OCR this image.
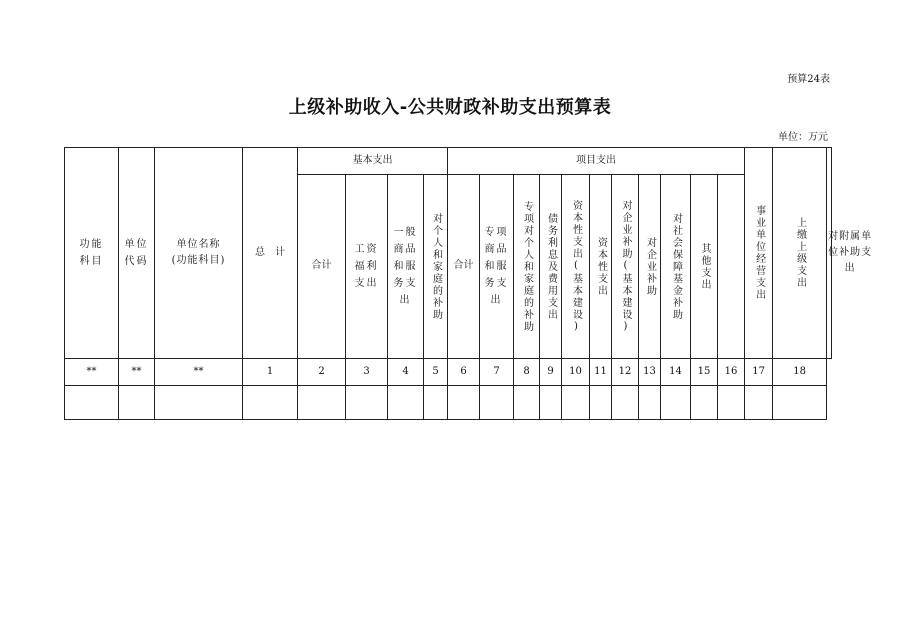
预算24表
上级补助收入-公共财政补助支出预算表
单位：万元
功能科目	单位代码	单位名称(功能科目)	总　计	基本支出				项目支出											事业单位经营支出	上缴上级支出	对附属单位补助支出
				合计	工资福利支出	一般商品和服务支出	对个人和家庭的补助	合计	专项商品和服务支出	专项对个人和家庭的补助	债务利息及费用支出	资本性支出(基本建设)	资本性支出	对企业补助(基本建设)	对企业补助	对社会保障基金补助	其他支出				

**	**	**	1	2	3	4	5	6	7	8	9	10	11	12	13	14	15	16	17	18	
